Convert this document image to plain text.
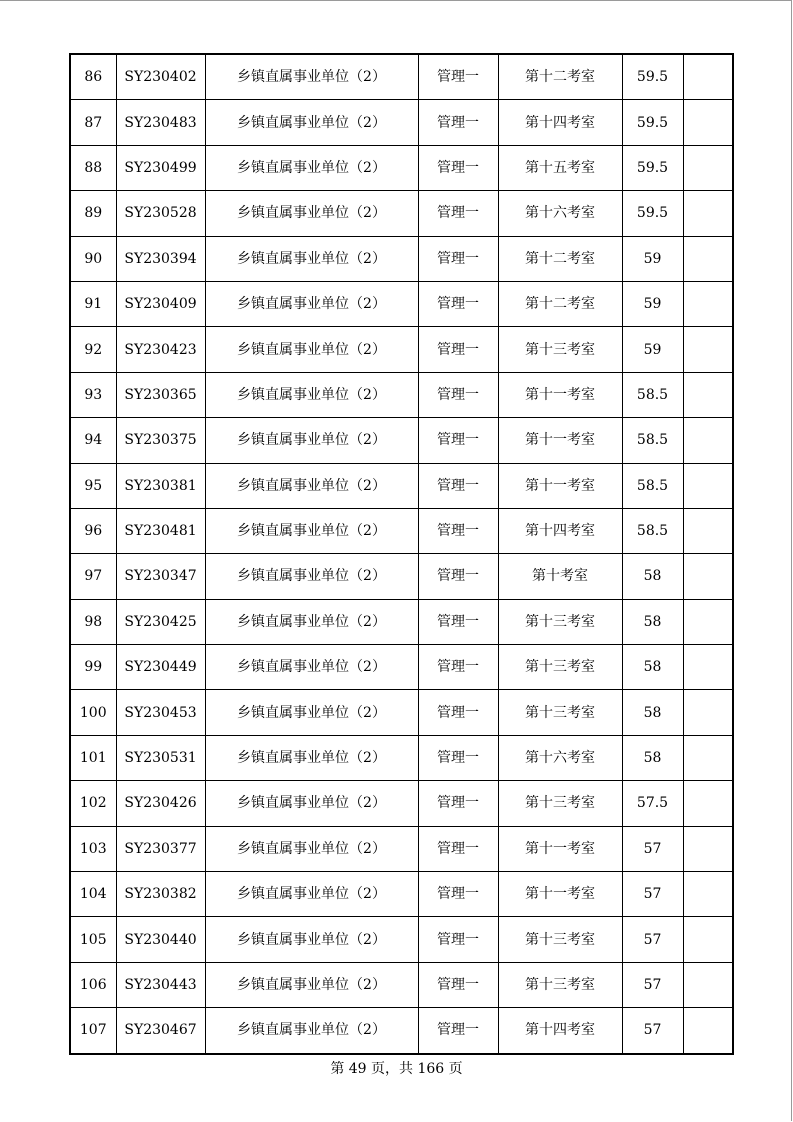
86	SY230402	乡镇直属事业单位（2）	管理一	第十二考室	59.5	
87	SY230483	乡镇直属事业单位（2）	管理一	第十四考室	59.5	
88	SY230499	乡镇直属事业单位（2）	管理一	第十五考室	59.5	
89	SY230528	乡镇直属事业单位（2）	管理一	第十六考室	59.5	
90	SY230394	乡镇直属事业单位（2）	管理一	第十二考室	59	
91	SY230409	乡镇直属事业单位（2）	管理一	第十二考室	59	
92	SY230423	乡镇直属事业单位（2）	管理一	第十三考室	59	
93	SY230365	乡镇直属事业单位（2）	管理一	第十一考室	58.5	
94	SY230375	乡镇直属事业单位（2）	管理一	第十一考室	58.5	
95	SY230381	乡镇直属事业单位（2）	管理一	第十一考室	58.5	
96	SY230481	乡镇直属事业单位（2）	管理一	第十四考室	58.5	
97	SY230347	乡镇直属事业单位（2）	管理一	第十考室	58	
98	SY230425	乡镇直属事业单位（2）	管理一	第十三考室	58	
99	SY230449	乡镇直属事业单位（2）	管理一	第十三考室	58	
100	SY230453	乡镇直属事业单位（2）	管理一	第十三考室	58	
101	SY230531	乡镇直属事业单位（2）	管理一	第十六考室	58	
102	SY230426	乡镇直属事业单位（2）	管理一	第十三考室	57.5	
103	SY230377	乡镇直属事业单位（2）	管理一	第十一考室	57	
104	SY230382	乡镇直属事业单位（2）	管理一	第十一考室	57	
105	SY230440	乡镇直属事业单位（2）	管理一	第十三考室	57	
106	SY230443	乡镇直属事业单位（2）	管理一	第十三考室	57	
107	SY230467	乡镇直属事业单位（2）	管理一	第十四考室	57	
第 49 页，共 166 页
